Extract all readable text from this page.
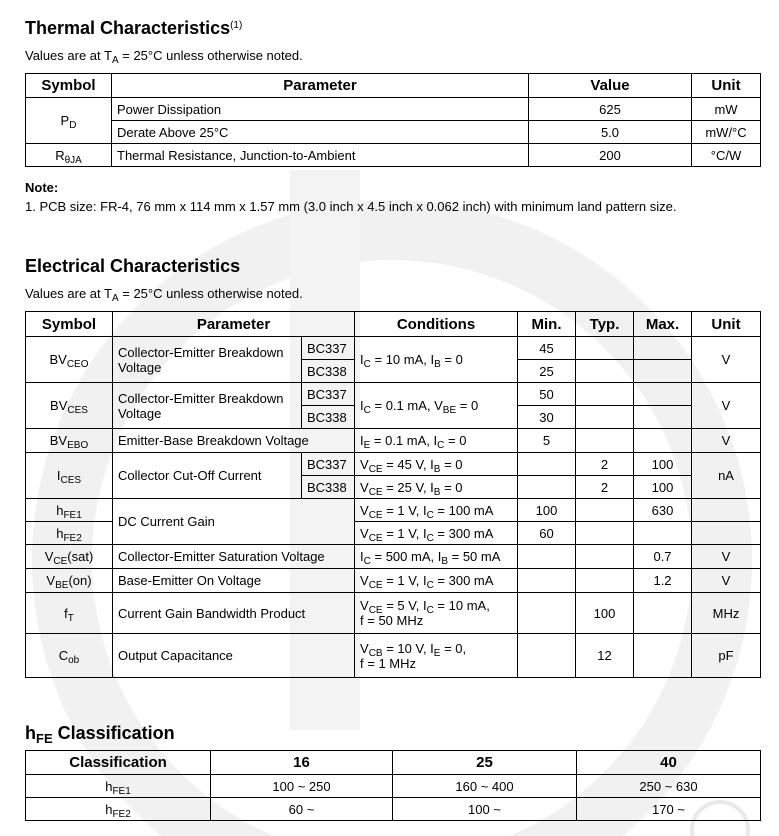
Thermal Characteristics$^{(1)}$
Values are at $T_A = 25^\circ C$ unless otherwise noted.
Symbol	Parameter	Value	Unit
$P_D$	Power Dissipation	625	mW
	Derate Above 25°C	5.0	mW/°C
$R_{\theta JA}$	Thermal Resistance, Junction-to-Ambient	200	°C/W
Note:
1. PCB size: FR-4, 76 mm x 114 mm x 1.57 mm (3.0 inch x 4.5 inch x 0.062 inch) with minimum land pattern size.
Electrical Characteristics
Values are at $T_A = 25^\circ C$ unless otherwise noted.
Symbol	Parameter		Conditions	Min.	Typ.	Max.	Unit
$BV_{CEO}$	Collector-Emitter Breakdown Voltage	BC337	$I_C = 10$ mA, $I_B = 0$	45			V
		BC338		25			
$BV_{CES}$	Collector-Emitter Breakdown Voltage	BC337	$I_C = 0.1$ mA, $V_{BE} = 0$	50			V
		BC338		30			
$BV_{EBO}$	Emitter-Base Breakdown Voltage		$I_E = 0.1$ mA, $I_C = 0$	5			V
$I_{CES}$	Collector Cut-Off Current	BC337	$V_{CE} = 45$ V, $I_B = 0$		2	100	nA
		BC338	$V_{CE} = 25$ V, $I_B = 0$		2	100	
$h_{FE1}$	DC Current Gain		$V_{CE} = 1$ V, $I_C = 100$ mA	100		630	
$h_{FE2}$			$V_{CE} = 1$ V, $I_C = 300$ mA	60			
$V_{CE}(sat)$	Collector-Emitter Saturation Voltage		$I_C = 500$ mA, $I_B = 50$ mA			0.7	V
$V_{BE}(on)$	Base-Emitter On Voltage		$V_{CE} = 1$ V, $I_C = 300$ mA			1.2	V
$f_T$	Current Gain Bandwidth Product		$V_{CE} = 5$ V, $I_C = 10$ mA,
f = 50 MHz		100		MHz
$C_{ob}$	Output Capacitance		$V_{CB} = 10$ V, $I_E = 0$,
f = 1 MHz		12		pF
$h_{FE}$ Classification
Classification	16	25	40
$h_{FE1}$	100 ~ 250	160 ~ 400	250 ~ 630
$h_{FE2}$	60 ~	100 ~	170 ~
